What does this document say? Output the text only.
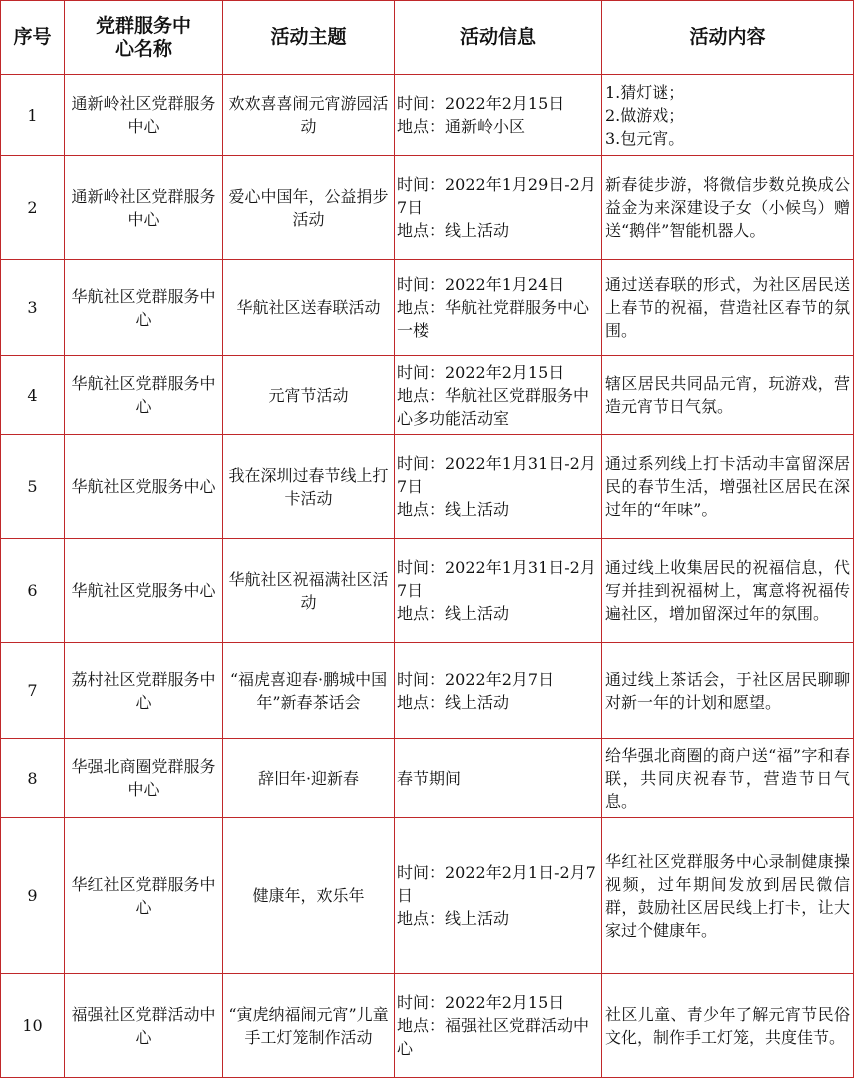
序号	党群服务中心名称	活动主题	活动信息	活动内容
1	通新岭社区党群服务中心	欢欢喜喜闹元宵游园活动	时间：2022年2月15日
地点：通新岭小区	1.猜灯谜；
2.做游戏；
3.包元宵。

2	通新岭社区党群服务中心	爱心中国年，公益捐步活动	时间：2022年1月29日-2月7日
地点：线上活动	新春徒步游，将微信步数兑换成公益金为来深建设子女（小候鸟）赠送“鹅伴”智能机器人。

3	华航社区党群服务中心	华航社区送春联活动	时间：2022年1月24日
地点：华航社党群服务中心一楼	通过送春联的形式，为社区居民送上春节的祝福，营造社区春节的氛围。

4	华航社区党群服务中心	元宵节活动	时间：2022年2月15日
地点：华航社区党群服务中心多功能活动室	辖区居民共同品元宵，玩游戏，营造元宵节日气氛。

5	华航社区党服务中心	我在深圳过春节线上打卡活动	时间：2022年1月31日-2月7日
地点：线上活动	通过系列线上打卡活动丰富留深居民的春节生活，增强社区居民在深过年的“年味”。

6	华航社区党服务中心	华航社区祝福满社区活动	时间：2022年1月31日-2月7日
地点：线上活动	通过线上收集居民的祝福信息，代写并挂到祝福树上，寓意将祝福传遍社区，增加留深过年的氛围。

7	荔村社区党群服务中心	“福虎喜迎春·鹏城中国年”新春茶话会	时间：2022年2月7日
地点：线上活动	通过线上茶话会，于社区居民聊聊对新一年的计划和愿望。

8	华强北商圈党群服务中心	辞旧年·迎新春	春节期间	给华强北商圈的商户送“福”字和春联，共同庆祝春节，营造节日气息。

9	华红社区党群服务中心	健康年，欢乐年	时间：2022年2月1日-2月7日
地点：线上活动	华红社区党群服务中心录制健康操视频，过年期间发放到居民微信群，鼓励社区居民线上打卡，让大家过个健康年。

10	福强社区党群活动中心	“寅虎纳福闹元宵”儿童手工灯笼制作活动	时间：2022年2月15日
地点：福强社区党群活动中心	社区儿童、青少年了解元宵节民俗文化，制作手工灯笼，共度佳节。
